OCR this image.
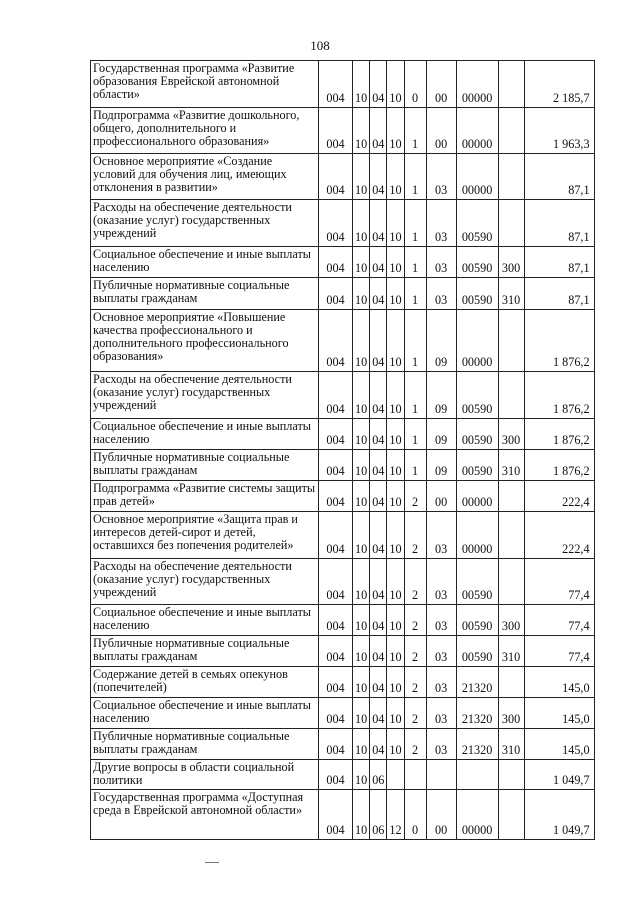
108
Государственная программа «Развитие образования Еврейской автономной области»	004	10	04	10	0	00	00000		2 185,7
Подпрограмма «Развитие дошкольного, общего, дополнительного и профессионального образования»	004	10	04	10	1	00	00000		1 963,3
Основное мероприятие «Создание условий для обучения лиц, имеющих отклонения в развитии»	004	10	04	10	1	03	00000		87,1
Расходы на обеспечение деятельности (оказание услуг) государственных учреждений	004	10	04	10	1	03	00590		87,1
Социальное обеспечение и иные выплаты населению	004	10	04	10	1	03	00590	300	87,1
Публичные нормативные социальные выплаты гражданам	004	10	04	10	1	03	00590	310	87,1
Основное мероприятие «Повышение качества профессионального и дополнительного профессионального образования»	004	10	04	10	1	09	00000		1 876,2
Расходы на обеспечение деятельности (оказание услуг) государственных учреждений	004	10	04	10	1	09	00590		1 876,2
Социальное обеспечение и иные выплаты населению	004	10	04	10	1	09	00590	300	1 876,2
Публичные нормативные социальные выплаты гражданам	004	10	04	10	1	09	00590	310	1 876,2
Подпрограмма «Развитие системы защиты прав детей»	004	10	04	10	2	00	00000		222,4
Основное мероприятие «Защита прав и интересов детей-сирот и детей, оставшихся без попечения родителей»	004	10	04	10	2	03	00000		222,4
Расходы на обеспечение деятельности (оказание услуг) государственных учреждений	004	10	04	10	2	03	00590		77,4
Социальное обеспечение и иные выплаты населению	004	10	04	10	2	03	00590	300	77,4
Публичные нормативные социальные выплаты гражданам	004	10	04	10	2	03	00590	310	77,4
Содержание детей в семьях опекунов (попечителей)	004	10	04	10	2	03	21320		145,0
Социальное обеспечение и иные выплаты населению	004	10	04	10	2	03	21320	300	145,0
Публичные нормативные социальные выплаты гражданам	004	10	04	10	2	03	21320	310	145,0
Другие вопросы в области социальной политики	004	10	06						1 049,7
Государственная программа «Доступная среда в Еврейской автономной области»	004	10	06	12	0	00	00000		1 049,7
